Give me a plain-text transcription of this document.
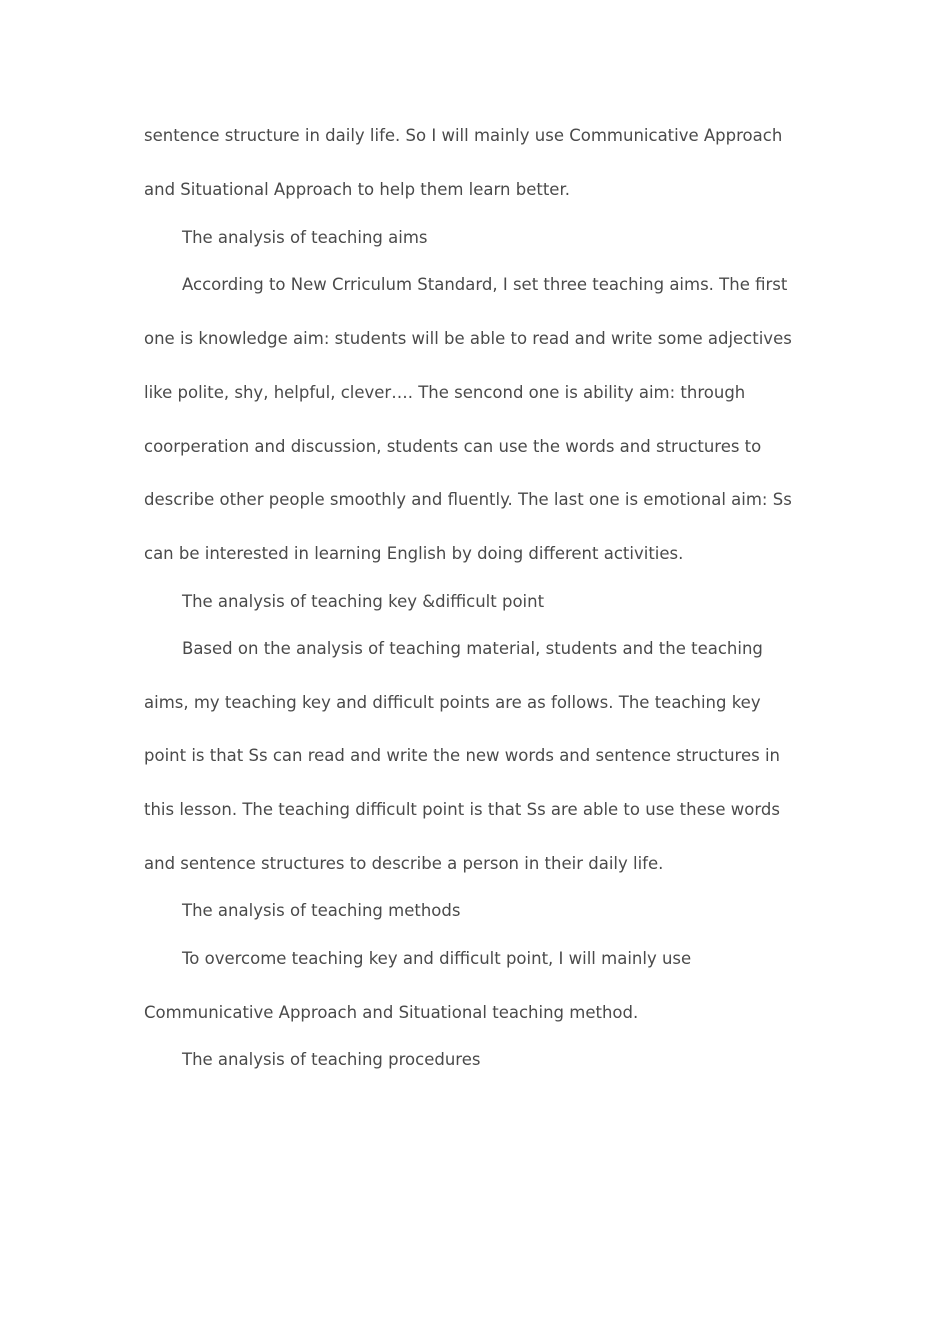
sentence structure in daily life. So I will mainly use Communicative Approach

and Situational Approach to help them learn better.

The analysis of teaching aims

According to New Crriculum Standard, I set three teaching aims. The first

one is knowledge aim: students will be able to read and write some adjectives

like polite, shy, helpful, clever…. The sencond one is ability aim: through

coorperation and discussion, students can use the words and structures to

describe other people smoothly and fluently. The last one is emotional aim: Ss

can be interested in learning English by doing different activities.

The analysis of teaching key &difficult point

Based on the analysis of teaching material, students and the teaching

aims, my teaching key and difficult points are as follows. The teaching key

point is that Ss can read and write the new words and sentence structures in

this lesson. The teaching difficult point is that Ss are able to use these words

and sentence structures to describe a person in their daily life.

The analysis of teaching methods

To overcome teaching key and difficult point, I will mainly use

Communicative Approach and Situational teaching method.

The analysis of teaching procedures
